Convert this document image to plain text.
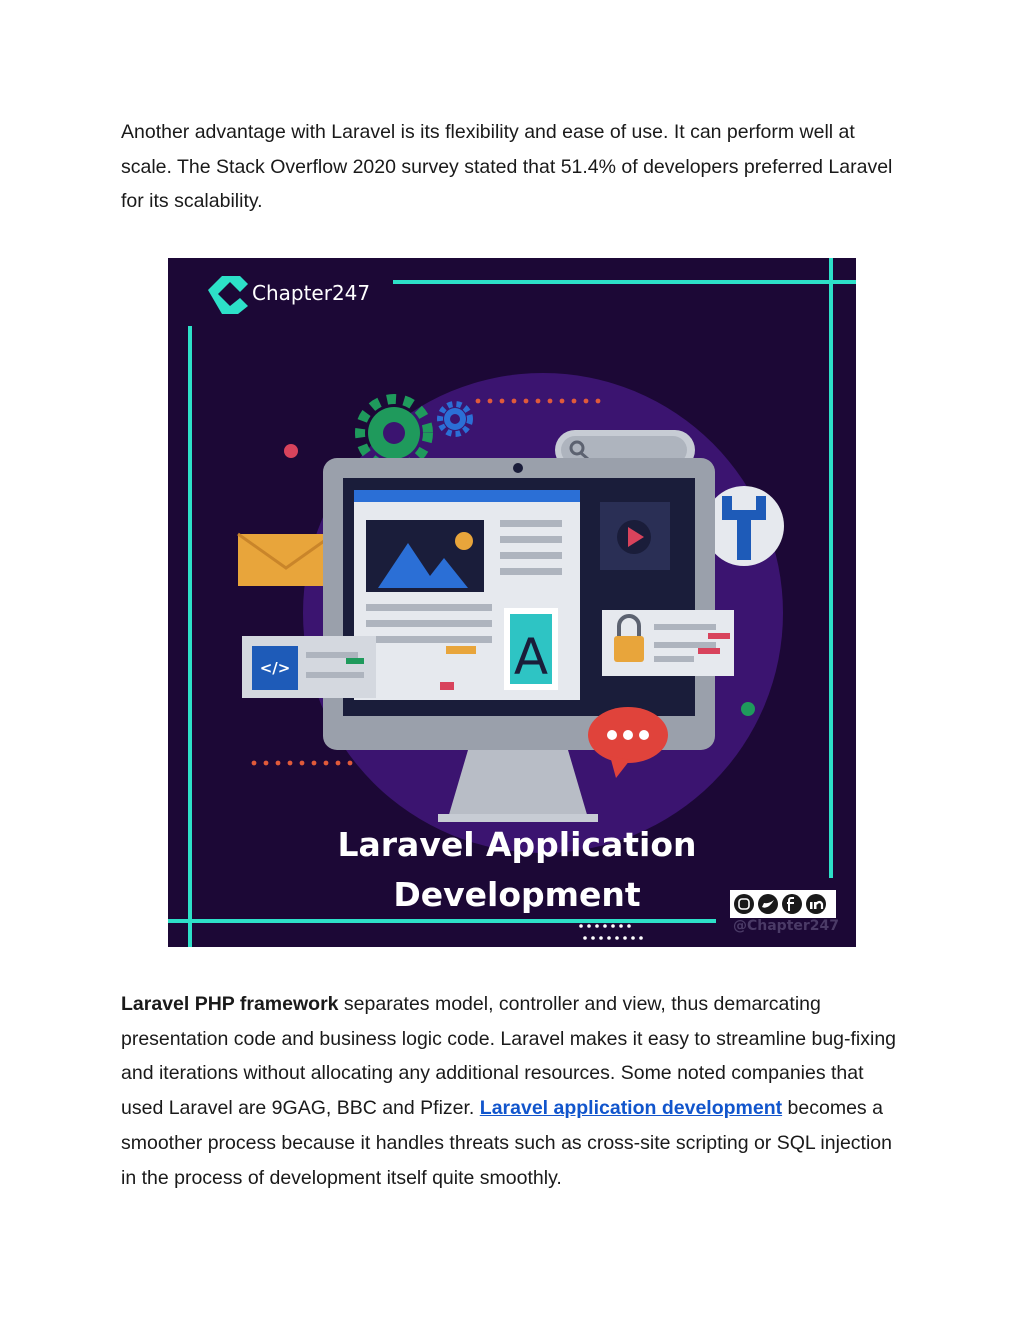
Another advantage with Laravel is its flexibility and ease of use. It can perform well at scale. The Stack Overflow 2020 survey stated that 51.4% of developers preferred Laravel for its scalability.

Chapter247
A
</>
Laravel Application
Development
@Chapter247

Laravel PHP framework separates model, controller and view, thus demarcating presentation code and business logic code. Laravel makes it easy to streamline bug-fixing and iterations without allocating any additional resources. Some noted companies that used Laravel are 9GAG, BBC and Pfizer. Laravel application development becomes a smoother process because it handles threats such as cross-site scripting or SQL injection in the process of development itself quite smoothly.
